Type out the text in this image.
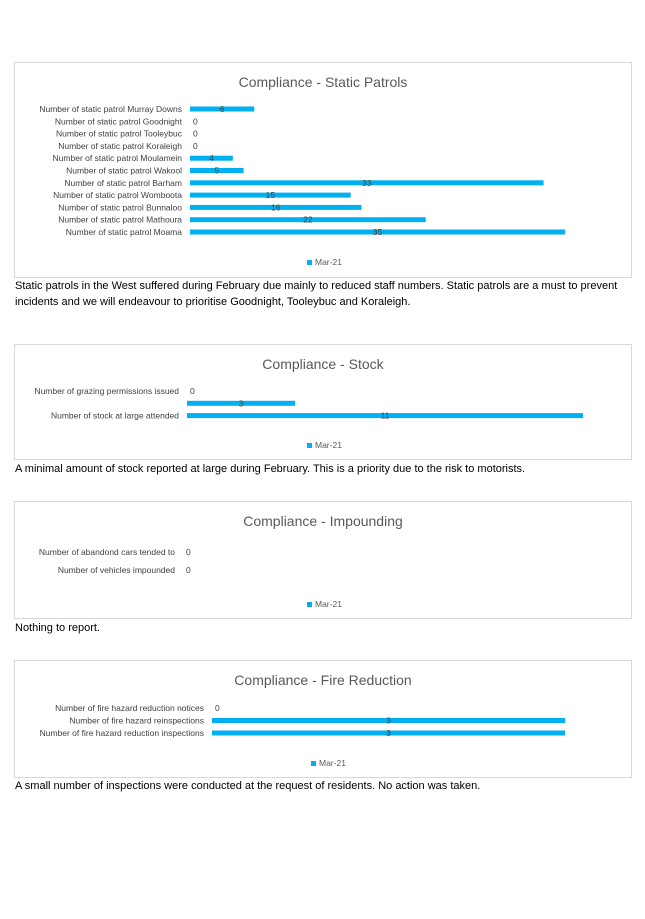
Compliance - Static Patrols
Number of static patrol Murray Downs	6
Number of static patrol Goodnight 0
Number of static patrol Tooleybuc 0
Number of static patrol Koraleigh 0
Number of static patrol Moulamein	4
Number of static patrol Wakool	5
Number of static patrol Barham	33
Number of static patrol Womboota	15
Number of static patrol Bunnaloo	16
Number of static patrol Mathoura	22
Number of static patrol Moama	35
Mar-21
Static patrols in the West suffered during February due mainly to reduced staff numbers. Static patrols are a must to prevent incidents and we will endeavour to prioritise Goodnight, Tooleybuc and Koraleigh.
Compliance - Stock
Number of grazing permissions issued 0
3
Number of stock at large attended	11
Mar-21
A minimal amount of stock reported at large during February. This is a priority due to the risk to motorists.
Compliance - Impounding
Number of abandond cars tended to 0
Number of vehicles impounded 0
Mar-21
Nothing to report.
Compliance - Fire Reduction
Number of fire hazard reduction notices 0
Number of fire hazard reinspections	3
Number of fire hazard reduction inspections	3
Mar-21
A small number of inspections were conducted at the request of residents. No action was taken.
